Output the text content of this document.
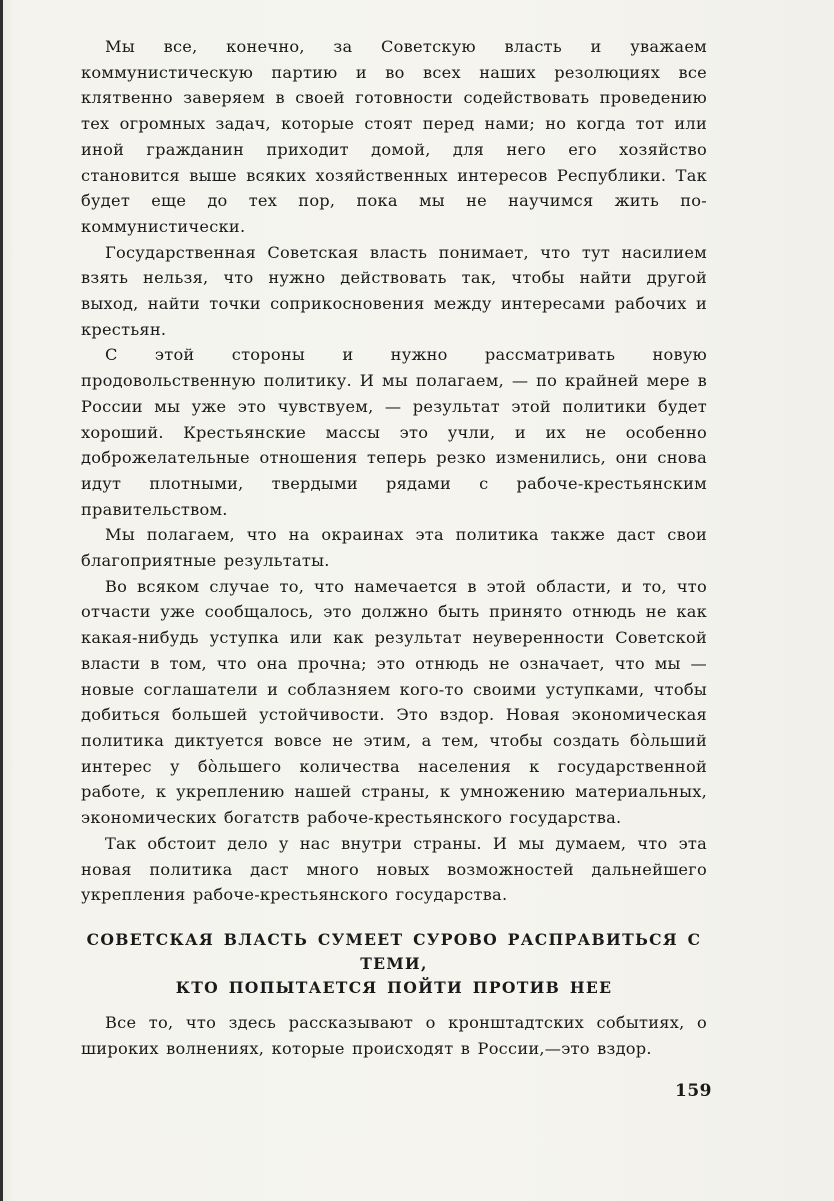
Мы все, конечно, за Советскую власть и уважаем коммунистическую партию и во всех наших резолюциях все клятвенно заверяем в своей готовности содействовать проведению тех огромных задач, которые стоят перед нами; но когда тот или иной гражданин приходит домой, для него его хозяйство становится выше всяких хозяйственных интересов Республики. Так будет еще до тех пор, пока мы не научимся жить по-коммунистически.

Государственная Советская власть понимает, что тут насилием взять нельзя, что нужно действовать так, чтобы найти другой выход, найти точки соприкосновения между интересами рабочих и крестьян.

С этой стороны и нужно рассматривать новую продовольственную политику. И мы полагаем, — по крайней мере в России мы уже это чувствуем, — результат этой политики будет хороший. Крестьянские массы это учли, и их не особенно доброжелательные отношения теперь резко изменились, они снова идут плотными, твердыми рядами с рабоче-крестьянским правительством.

Мы полагаем, что на окраинах эта политика также даст свои благоприятные результаты.

Во всяком случае то, что намечается в этой области, и то, что отчасти уже сообщалось, это должно быть принято отнюдь не как какая-нибудь уступка или как результат неуверенности Советской власти в том, что она прочна; это отнюдь не означает, что мы — новые соглашатели и соблазняем кого-то своими уступками, чтобы добиться большей устойчивости. Это вздор. Новая экономическая политика диктуется вовсе не этим, а тем, чтобы создать бо̀льший интерес у бо̀льшего количества населения к государственной работе, к укреплению нашей страны, к умножению материальных, экономических богатств рабоче-крестьянского государства.

Так обстоит дело у нас внутри страны. И мы думаем, что эта новая политика даст много новых возможностей дальнейшего укрепления рабоче-крестьянского государства.

СОВЕТСКАЯ ВЛАСТЬ СУМЕЕТ СУРОВО РАСПРАВИТЬСЯ С ТЕМИ,
КТО ПОПЫТАЕТСЯ ПОЙТИ ПРОТИВ НЕЕ

Все то, что здесь рассказывают о кронштадтских событиях, о широких волнениях, которые происходят в России,—это вздор.

159
